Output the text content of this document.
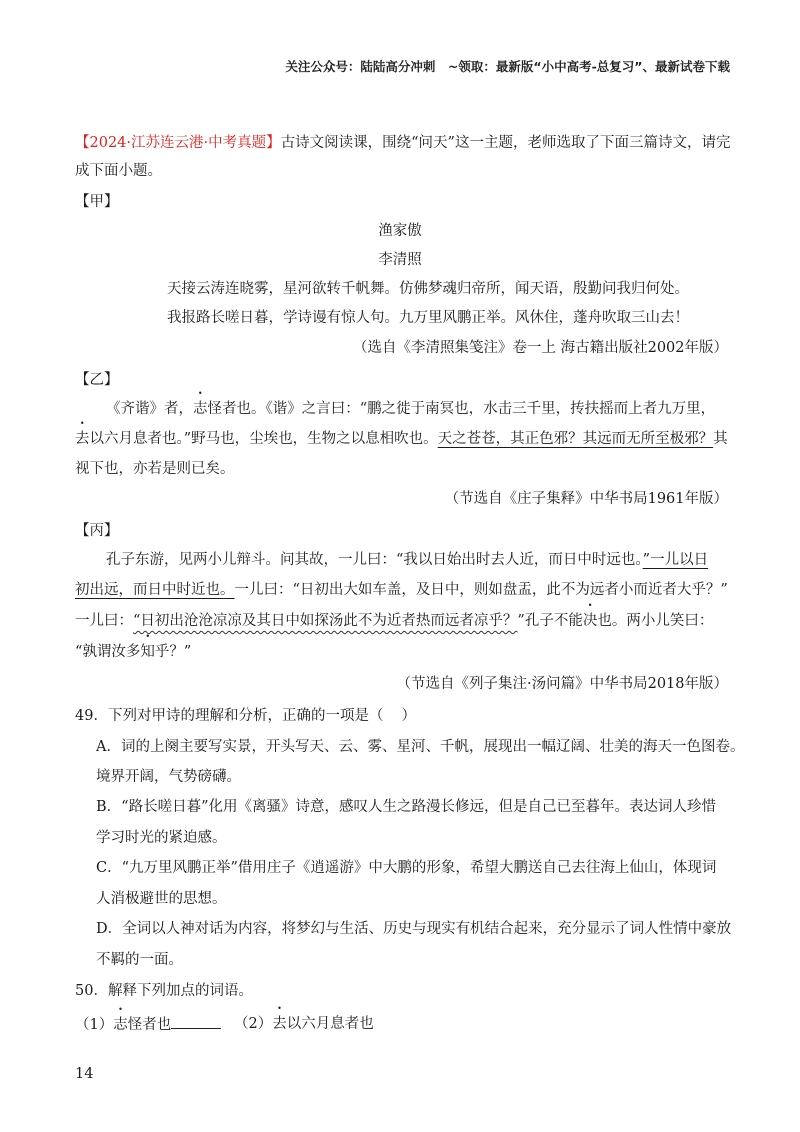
关注公众号：陆陆高分冲刺　~领取：最新版“小中高考-总复习”、最新试卷下载
【2024·江苏连云港·中考真题】古诗文阅读课，围绕“问天”这一主题，老师选取了下面三篇诗文，请完
成下面小题。
【甲】
渔家傲
李清照
天接云涛连晓雾，星河欲转千帆舞。仿佛梦魂归帝所，闻天语，殷勤问我归何处。
我报路长嗟日暮，学诗谩有惊人句。九万里风鹏正举。风休住，蓬舟吹取三山去！
（选自《李清照集笺注》卷一上 海古籍出版社2002年版）
【乙】
《齐谐》者，志怪者也。《谐》之言曰：“鹏之徙于南冥也，水击三千里，抟扶摇而上者九万里，
去以六月息者也。”野马也，尘埃也，生物之以息相吹也。天之苍苍，其正色邪？其远而无所至极邪？其
视下也，亦若是则已矣。
（节选自《庄子集释》中华书局1961年版）
【丙】
孔子东游，见两小儿辩斗。问其故，一儿曰：“我以日始出时去人近，而日中时远也。”一儿以日
初出远，而日中时近也。一儿曰：“日初出大如车盖，及日中，则如盘盂，此不为远者小而近者大乎？”
一儿曰：“日初出沧沧凉凉及其日中如探汤此不为近者热而远者凉乎？”孔子不能决也。两小儿笑曰：
“孰谓汝多知乎？”
（节选自《列子集注·汤问篇》中华书局2018年版）
49．下列对甲诗的理解和分析，正确的一项是（ ）
A．词的上阕主要写实景，开头写天、云、雾、星河、千帆，展现出一幅辽阔、壮美的海天一色图卷。
境界开阔，气势磅礴。
B．“路长嗟日暮”化用《离骚》诗意，感叹人生之路漫长修远，但是自己已至暮年。表达词人珍惜
学习时光的紧迫感。
C．“九万里风鹏正举”借用庄子《逍遥游》中大鹏的形象，希望大鹏送自己去往海上仙山，体现词
人消极避世的思想。
D．全词以人神对话为内容，将梦幻与生活、历史与现实有机结合起来，充分显示了词人性情中豪放
不羁的一面。
50．解释下列加点的词语。
（1）志怪者也	（2）去以六月息者也
14
